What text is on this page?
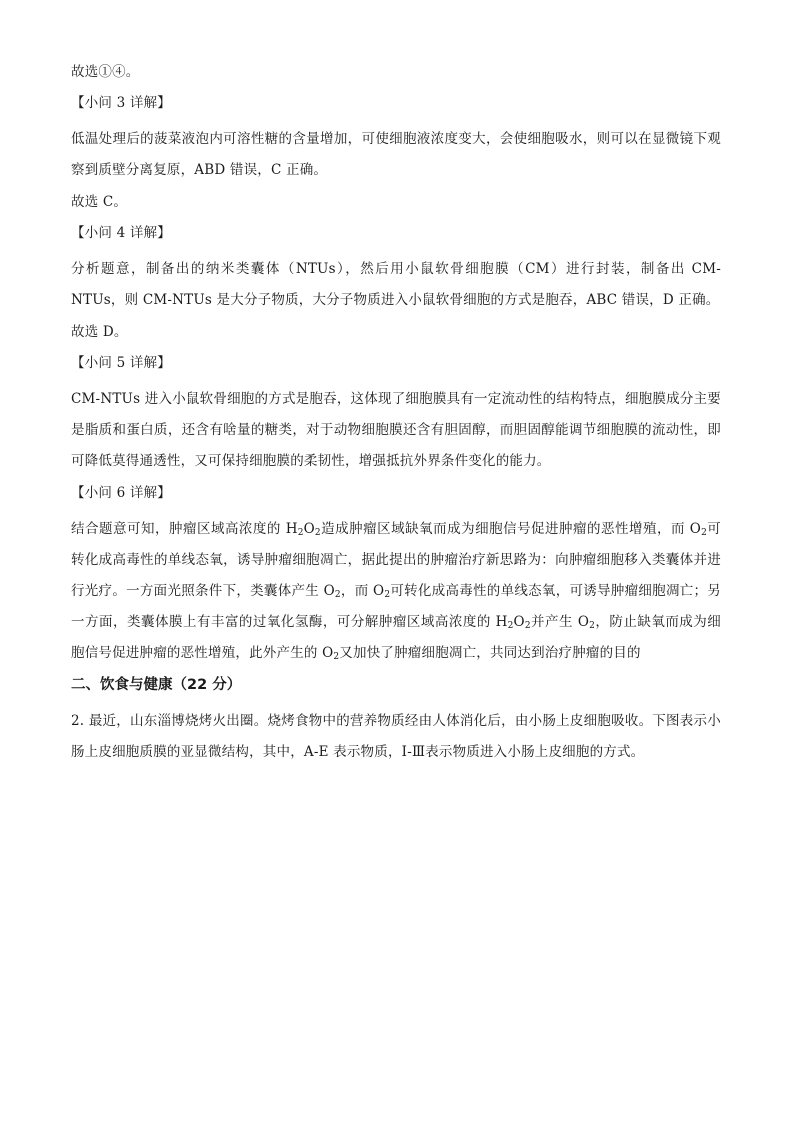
故选①④。
【小问 3 详解】
低温处理后的菠菜液泡内可溶性糖的含量增加，可使细胞液浓度变大，会使细胞吸水，则可以在显微镜下观察到质壁分离复原，ABD 错误，C 正确。
故选 C。
【小问 4 详解】
分析题意，制备出的纳米类囊体（NTUs），然后用小鼠软骨细胞膜（CM）进行封装，制备出 CM-NTUs，则 CM-NTUs 是大分子物质，大分子物质进入小鼠软骨细胞的方式是胞吞，ABC 错误，D 正确。
故选 D。
【小问 5 详解】
CM-NTUs 进入小鼠软骨细胞的方式是胞吞，这体现了细胞膜具有一定流动性的结构特点，细胞膜成分主要是脂质和蛋白质，还含有啥量的糖类，对于动物细胞膜还含有胆固醇，而胆固醇能调节细胞膜的流动性，即可降低莫得通透性，又可保持细胞膜的柔韧性，增强抵抗外界条件变化的能力。
【小问 6 详解】
结合题意可知，肿瘤区域高浓度的 $H_2O_2$造成肿瘤区域缺氧而成为细胞信号促进肿瘤的恶性增殖，而 $O_2$可转化成高毒性的单线态氧，诱导肿瘤细胞凋亡，据此提出的肿瘤治疗新思路为：向肿瘤细胞移入类囊体并进行光疗。一方面光照条件下，类囊体产生 $O_2$，而 $O_2$可转化成高毒性的单线态氧，可诱导肿瘤细胞凋亡；另一方面，类囊体膜上有丰富的过氧化氢酶，可分解肿瘤区域高浓度的 $H_2O_2$并产生 $O_2$，防止缺氧而成为细胞信号促进肿瘤的恶性增殖，此外产生的 $O_2$又加快了肿瘤细胞凋亡，共同达到治疗肿瘤的目的
二、饮食与健康（22 分）
2. 最近，山东淄博烧烤火出圈。烧烤食物中的营养物质经由人体消化后，由小肠上皮细胞吸收。下图表示小肠上皮细胞质膜的亚显微结构，其中，A-E 表示物质，I-Ⅲ表示物质进入小肠上皮细胞的方式。
